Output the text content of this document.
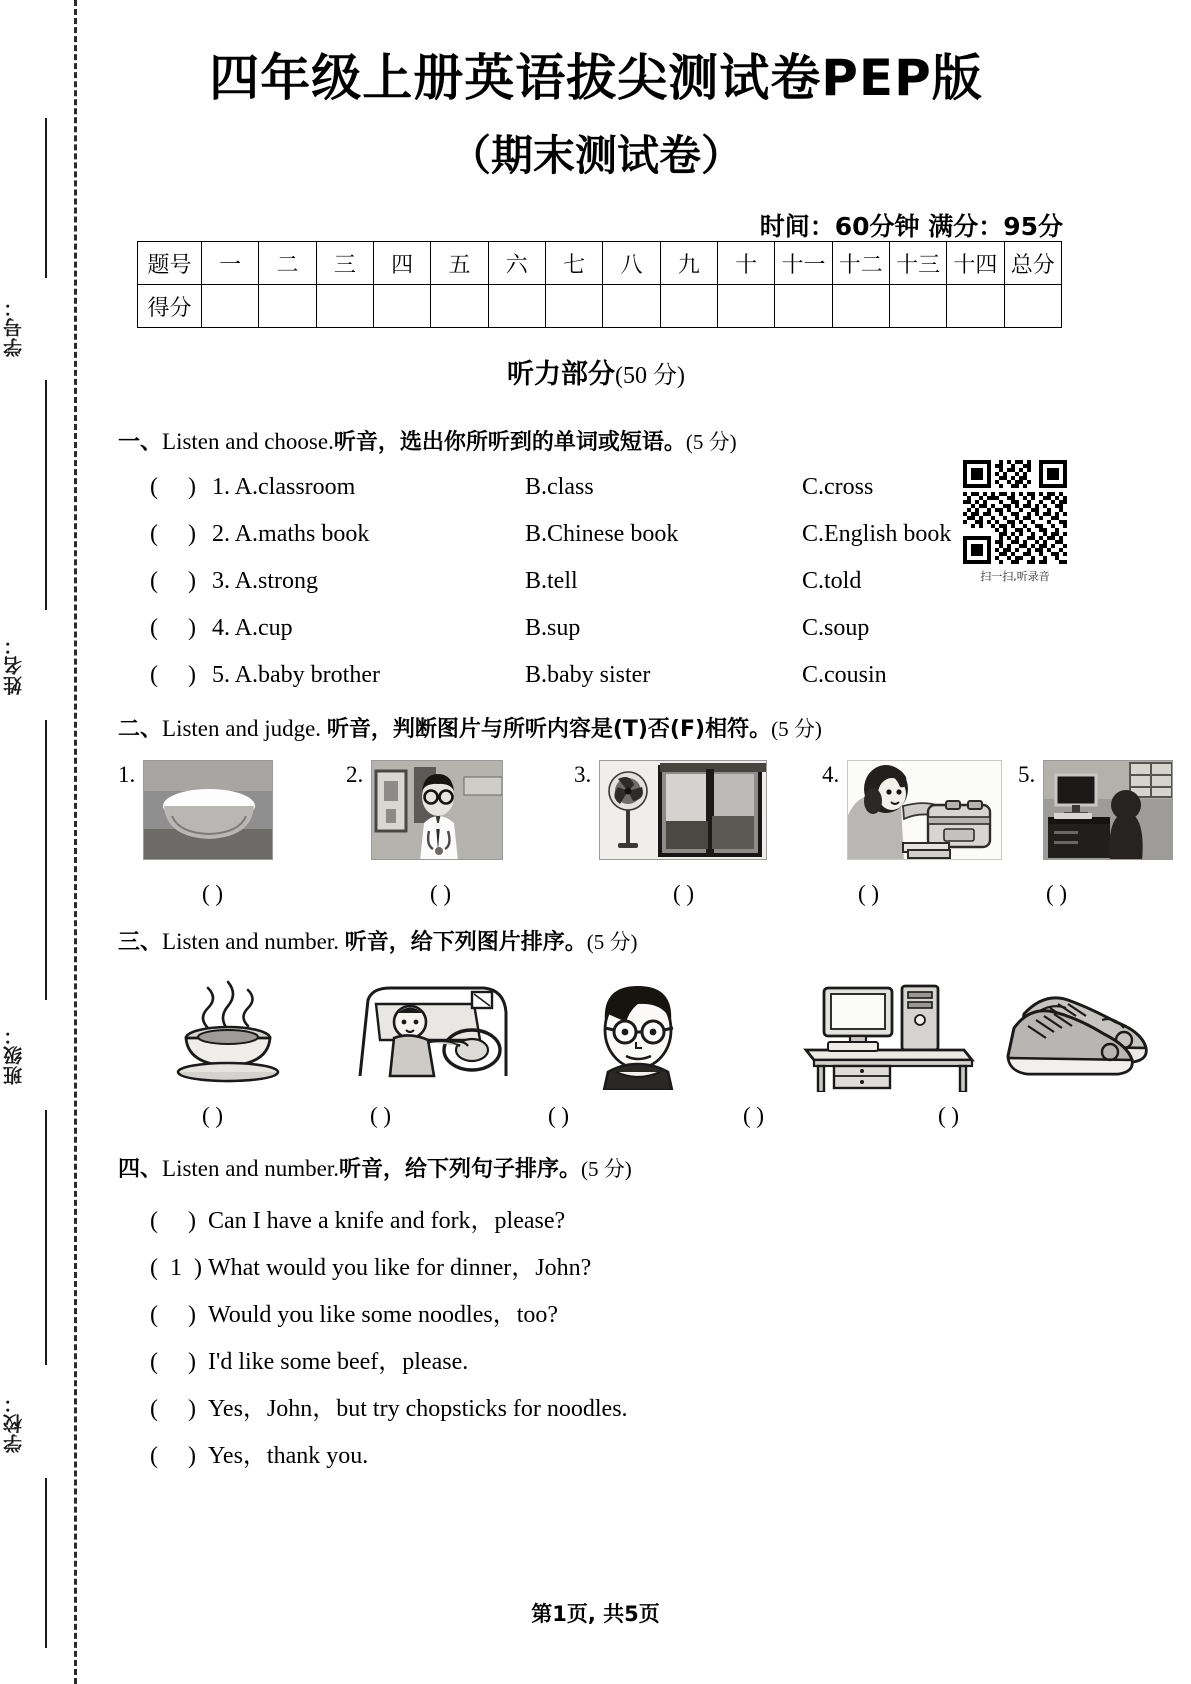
学号：
姓名：
班级：
学校：
四年级上册英语拔尖测试卷PEP版
（期末测试卷）
时间：60分钟 满分：95分
题号	一	二	三	四	五	六	七	八	九	十	十一	十二	十三	十四	总分
得分															
听力部分(50 分)
扫一扫,听录音
一、Listen and choose.听音，选出你所听到的单词或短语。(5 分)
(     ) 1. A.classroom	B.class	C.cross
(     ) 2. A.maths book	B.Chinese book	C.English book
(     ) 3. A.strong	B.tell	C.told
(     ) 4. A.cup	B.sup	C.soup
(     ) 5. A.baby brother	B.baby sister	C.cousin
二、Listen and judge. 听音，判断图片与所听内容是(T)否(F)相符。(5 分)
1.	2.	3.	4.	5.
( )	( )	( )	( )	( )
三、Listen and number. 听音，给下列图片排序。(5 分)
( )	( )	( )	( )	( )
四、Listen and number.听音，给下列句子排序。(5 分)
(     ) Can I have a knife and fork，please?
(  1  ) What would you like for dinner，John?
(     ) Would you like some noodles，too?
(     ) I'd like some beef，please.
(     ) Yes，John，but try chopsticks for noodles.
(     ) Yes，thank you.
第1页, 共5页
